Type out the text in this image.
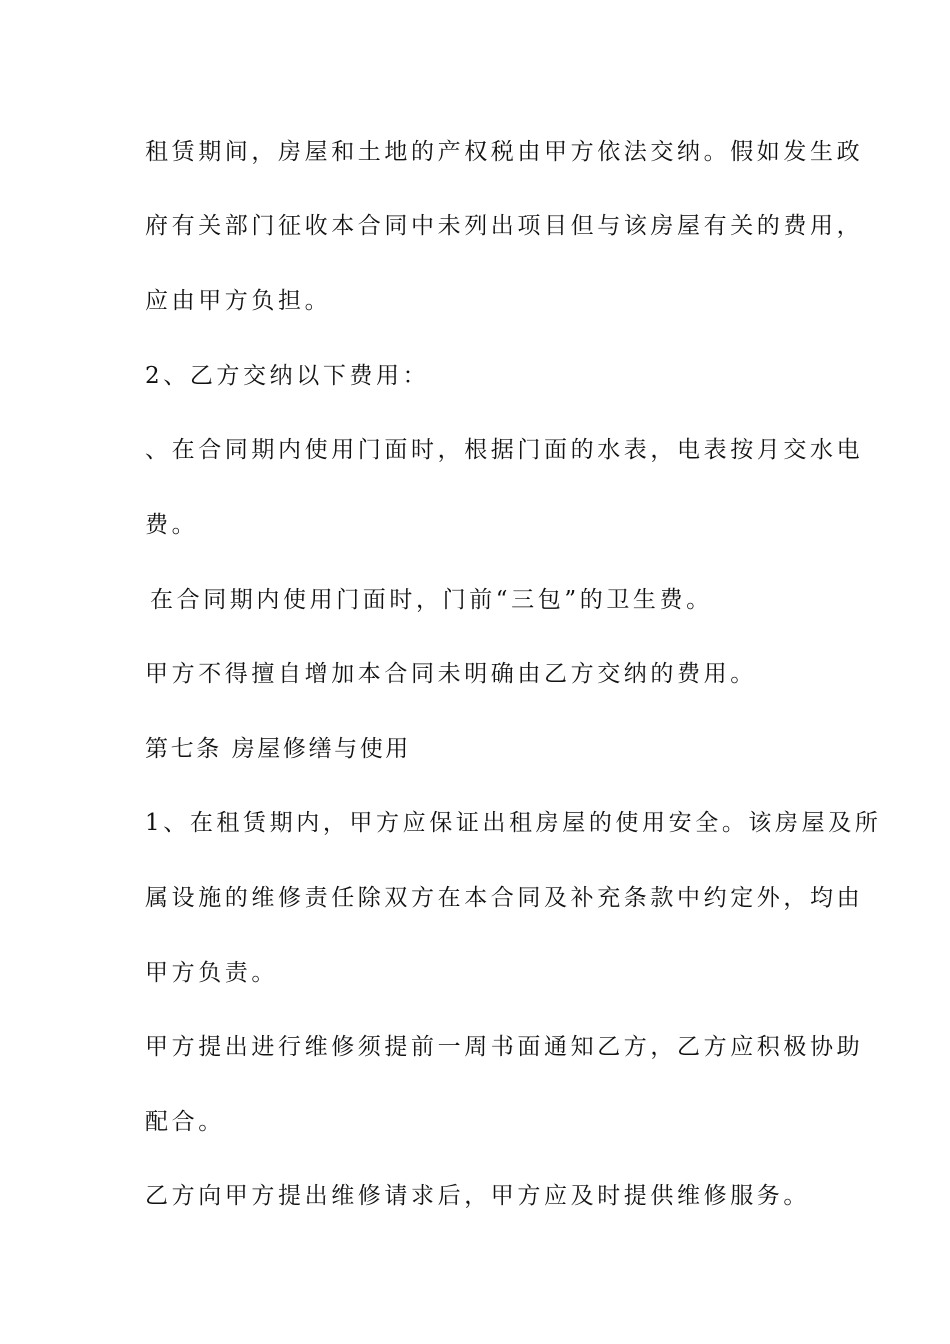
租赁期间，房屋和土地的产权税由甲方依法交纳。假如发生政
府有关部门征收本合同中未列出项目但与该房屋有关的费用，
应由甲方负担。
2、乙方交纳以下费用：
、在合同期内使用门面时，根据门面的水表，电表按月交水电
费。
在合同期内使用门面时，门前“三包”的卫生费。
甲方不得擅自增加本合同未明确由乙方交纳的费用。
第七条 房屋修缮与使用
1、在租赁期内，甲方应保证出租房屋的使用安全。该房屋及所
属设施的维修责任除双方在本合同及补充条款中约定外，均由
甲方负责。
甲方提出进行维修须提前一周书面通知乙方，乙方应积极协助
配合。
乙方向甲方提出维修请求后，甲方应及时提供维修服务。
